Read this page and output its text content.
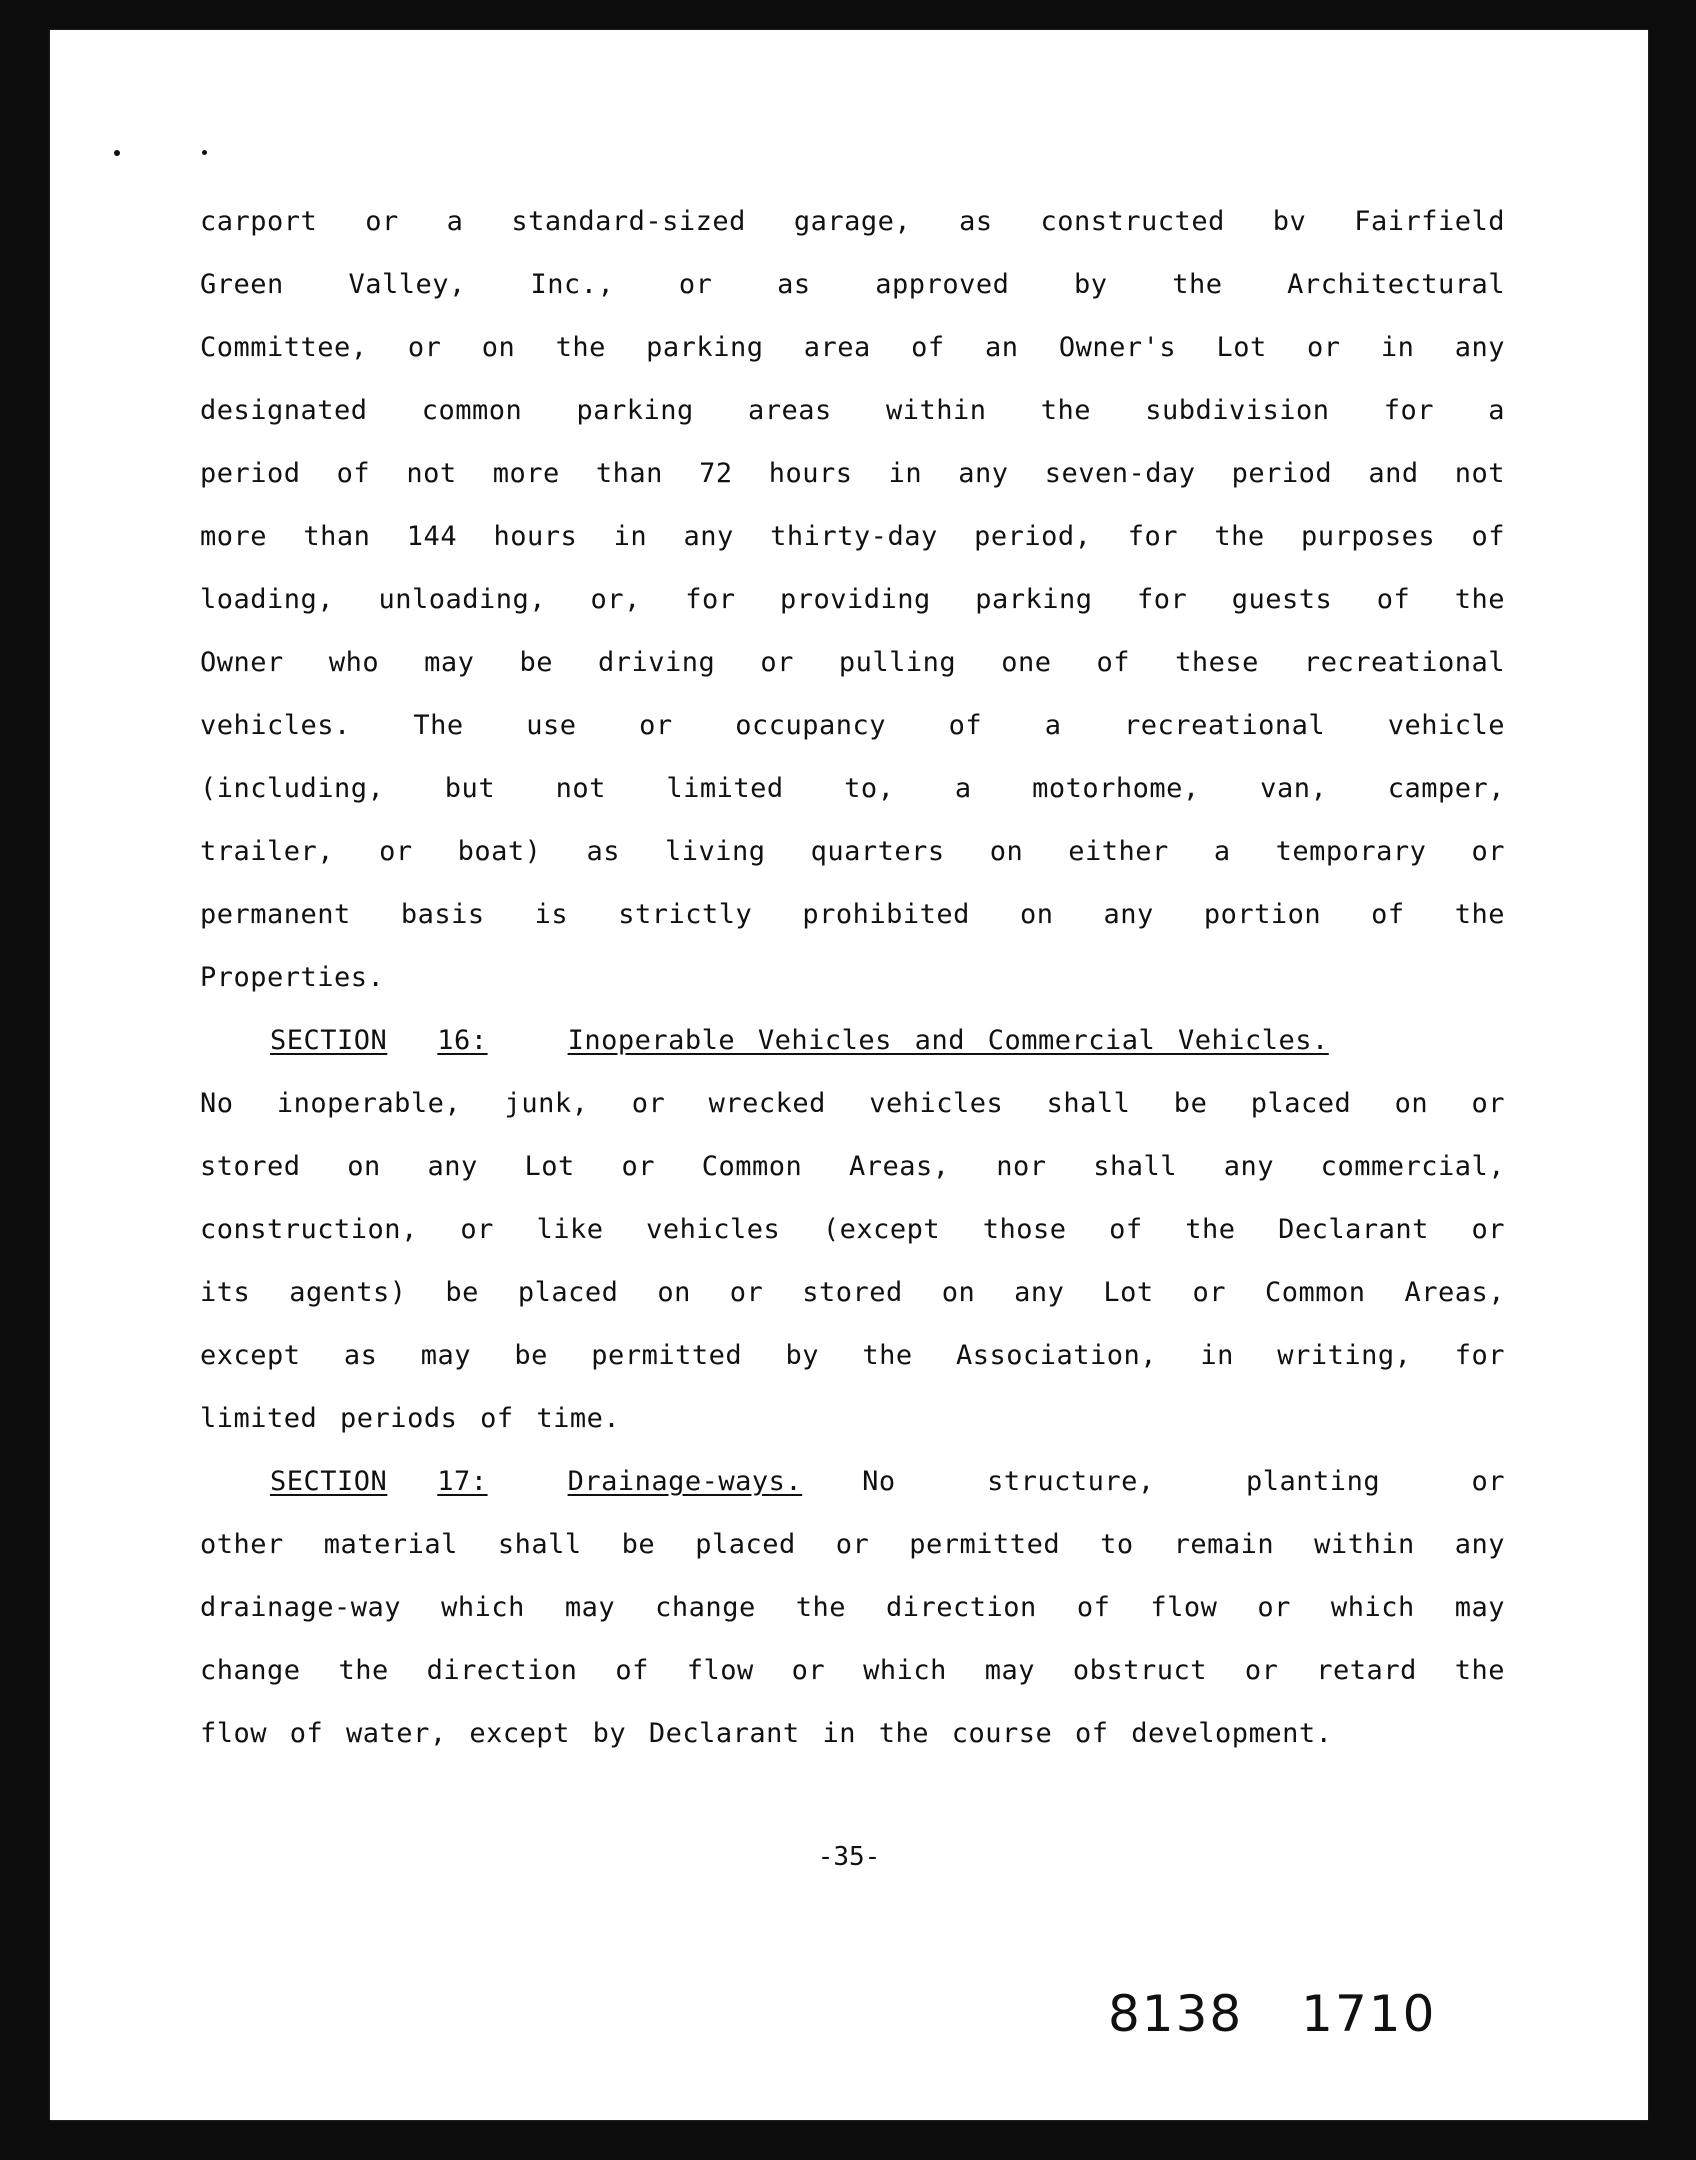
carport or a standard-sized garage, as constructed bv Fairfield
Green Valley, Inc., or as approved by the Architectural
Committee, or on the parking area of an Owner's Lot or in any
designated common parking areas within the subdivision for a
period of not more than 72 hours in any seven-day period and not
more than 144 hours in any thirty-day period, for the purposes of
loading, unloading, or, for providing parking for guests of the
Owner who may be driving or pulling one of these recreational
vehicles. The use or occupancy of a recreational vehicle
(including, but not limited to, a motorhome, van, camper,
trailer, or boat) as living quarters on either a temporary or
permanent basis is strictly prohibited on any portion of the
Properties.
SECTION 16:	Inoperable Vehicles and Commercial Vehicles.
No inoperable, junk, or wrecked vehicles shall be placed on or
stored on any Lot or Common Areas, nor shall any commercial,
construction, or like vehicles (except those of the Declarant or
its agents) be placed on or stored on any Lot or Common Areas,
except as may be permitted by the Association, in writing, for
limited periods of time.
SECTION 17:	Drainage-ways. No structure, planting or
other material shall be placed or permitted to remain within any
drainage-way which may change the direction of flow or which may
change the direction of flow or which may obstruct or retard the
flow of water, except by Declarant in the course of development.
-35-
8138 1710
